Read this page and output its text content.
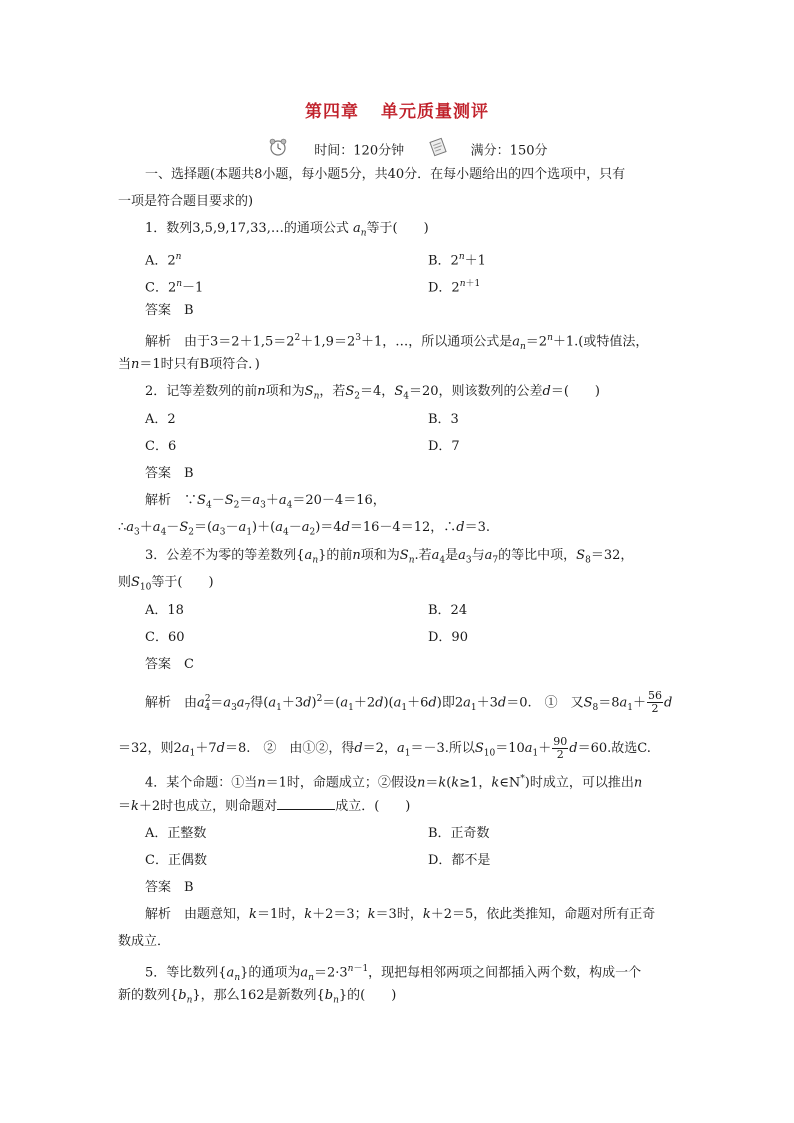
第四章 单元质量测评
时间：120分钟	满分：150分
一、选择题(本题共8小题，每小题5分，共40分．在每小题给出的四个选项中，只有
一项是符合题目要求的)
1．数列3,5,9,17,33,…的通项公式 $a_n$等于(　　)
A．2$^n$	B．$2^n+1$
C．$2^n-1$	D．$2^{n+1}$
答案　 B
解析　 由于$3=2+1,5=2^2+1,9=2^3+1$，…，所以通项公式是$a_n=2^n+1$.(或特值法，
当n＝1时只有B项符合．)
2．记等差数列的前n项和为$S_n$，若$S_2=4$，$S_4=20$，则该数列的公差d＝(　　)
A．2	B．3
C．6	D．7
答案　 B
解析　 $\because S_4-S_2=a_3+a_4=20-4=16$，
$\therefore a_3+a_4-S_2=(a_3-a_1)+(a_4-a_2)=4d=16-4=12$，∴d＝3.
3．公差不为零的等差数列$\{a_n\}$的前n项和为$S_n$.若$a_4$是$a_3$与$a_7$的等比中项，$S_8=32$，
则$S_{10}$等于(　　)
A．18	B．24
C．60	D．90
答案　 C
解析　 由$a^2_4=a_3a_7$得$(a_1+3d)^2=(a_1+2d)(a_1+6d)$即$2a_1+3d=0$.　①　又$S_8=8a_1+ \frac{56}{2}$ d
＝32，则$2a_1+7d=8$.　②　由①②，得d＝2，$a_1=-3$.所以$S_{10}=10a_1+ \frac{90}{2} d=60$.故选C.
4．某个命题：①当n＝1时，命题成立；②假设n＝k(k≥1，k∈N*)时成立，可以推出n
＝k＋2时也成立，则命题对	成立．(　　)
A．正整数	B．正奇数
C．正偶数	D．都不是
答案　 B
解析　 由题意知，k＝1时，k＋2＝3；k＝3时，k＋2＝5，依此类推知，命题对所有正奇
数成立．
5．等比数列$\{a_n\}$的通项为$a_n=2\cdot 3^{n-1}$，现把每相邻两项之间都插入两个数，构成一个
新的数列$\{b_n\}$，那么162是新数列$\{b_n\}$的(　　)
